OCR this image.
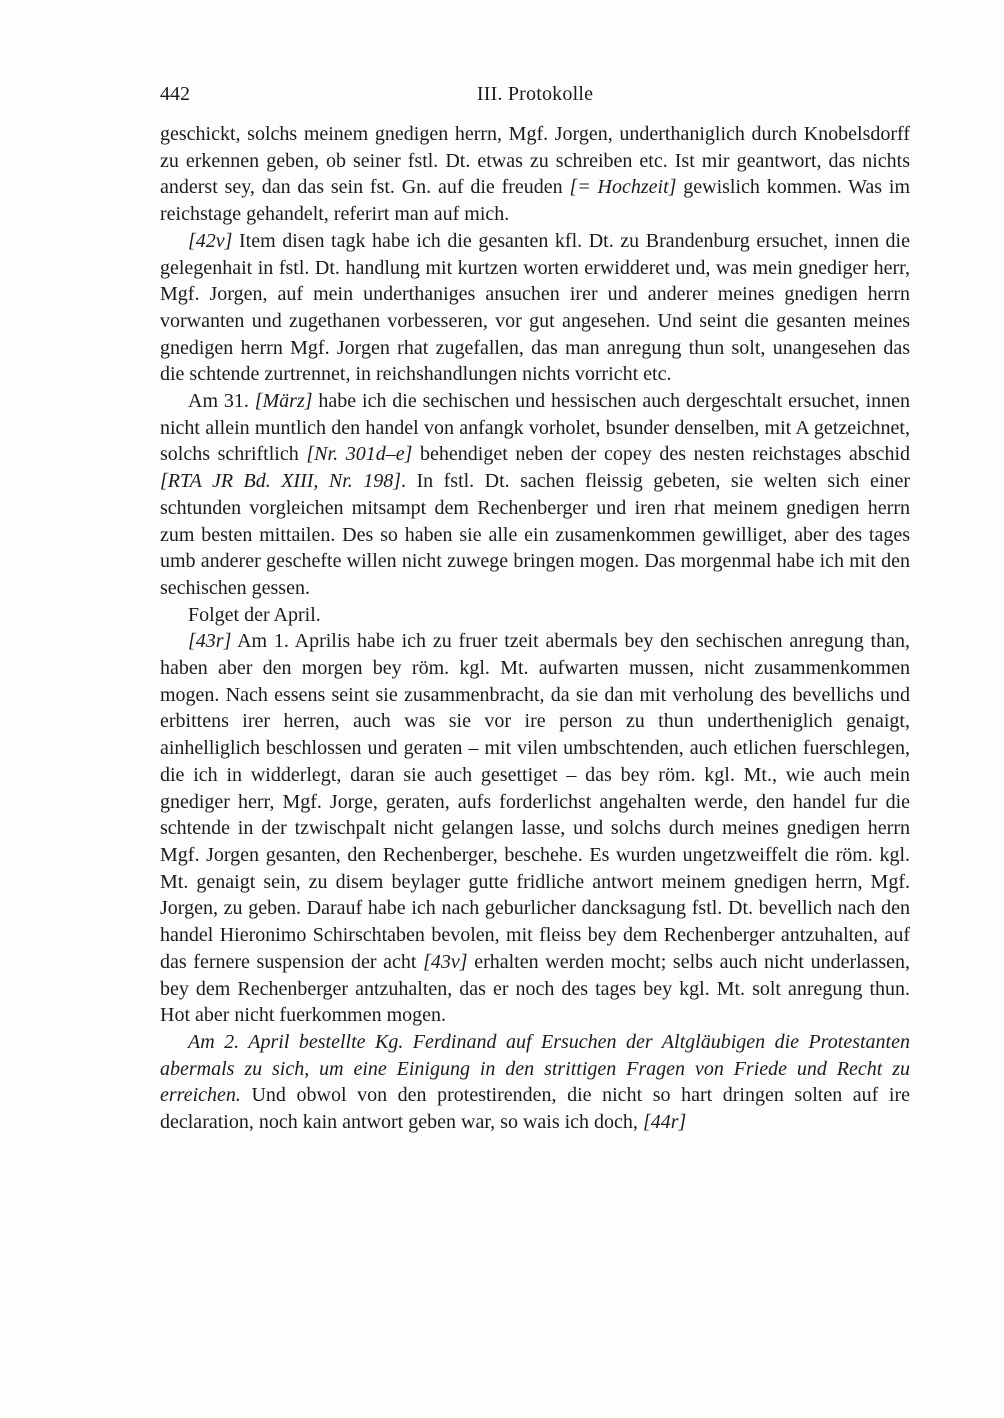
442	III. Protokolle

geschickt, solchs meinem gnedigen herrn, Mgf. Jorgen, underthaniglich durch Knobelsdorff zu erkennen geben, ob seiner fstl. Dt. etwas zu schreiben etc. Ist mir geantwort, das nichts anderst sey, dan das sein fst. Gn. auf die freuden [= Hochzeit] gewislich kommen. Was im reichstage gehandelt, referirt man auf mich.

[42v] Item disen tagk habe ich die gesanten kfl. Dt. zu Brandenburg ersuchet, innen die gelegenhait in fstl. Dt. handlung mit kurtzen worten erwidderet und, was mein gnediger herr, Mgf. Jorgen, auf mein underthaniges ansuchen irer und anderer meines gnedigen herrn vorwanten und zugethanen vorbesseren, vor gut angesehen. Und seint die gesanten meines gnedigen herrn Mgf. Jorgen rhat zugefallen, das man anregung thun solt, unangesehen das die schtende zurtrennet, in reichshandlungen nichts vorricht etc.

Am 31. [März] habe ich die sechischen und hessischen auch dergeschtalt ersuchet, innen nicht allein muntlich den handel von anfangk vorholet, bsunder denselben, mit A getzeichnet, solchs schriftlich [Nr. 301d–e] behendiget neben der copey des nesten reichstages abschid [RTA JR Bd. XIII, Nr. 198]. In fstl. Dt. sachen fleissig gebeten, sie welten sich einer schtunden vorgleichen mitsampt dem Rechenberger und iren rhat meinem gnedigen herrn zum besten mittailen. Des so haben sie alle ein zusamenkommen gewilliget, aber des tages umb anderer geschefte willen nicht zuwege bringen mogen. Das morgenmal habe ich mit den sechischen gessen.

Folget der April.

[43r] Am 1. Aprilis habe ich zu fruer tzeit abermals bey den sechischen anregung than, haben aber den morgen bey röm. kgl. Mt. aufwarten mussen, nicht zusammenkommen mogen. Nach essens seint sie zusammenbracht, da sie dan mit verholung des bevellichs und erbittens irer herren, auch was sie vor ire person zu thun undertheniglich genaigt, ainhelliglich beschlossen und geraten – mit vilen umbschtenden, auch etlichen fuerschlegen, die ich in widderlegt, daran sie auch gesettiget – das bey röm. kgl. Mt., wie auch mein gnediger herr, Mgf. Jorge, geraten, aufs forderlichst angehalten werde, den handel fur die schtende in der tzwischpalt nicht gelangen lasse, und solchs durch meines gnedigen herrn Mgf. Jorgen gesanten, den Rechenberger, beschehe. Es wurden ungetzweiffelt die röm. kgl. Mt. genaigt sein, zu disem beylager gutte fridliche antwort meinem gnedigen herrn, Mgf. Jorgen, zu geben. Darauf habe ich nach geburlicher dancksagung fstl. Dt. bevellich nach den handel Hieronimo Schirschtaben bevolen, mit fleiss bey dem Rechenberger antzuhalten, auf das fernere suspension der acht [43v] erhalten werden mocht; selbs auch nicht underlassen, bey dem Rechenberger antzuhalten, das er noch des tages bey kgl. Mt. solt anregung thun. Hot aber nicht fuerkommen mogen.

Am 2. April bestellte Kg. Ferdinand auf Ersuchen der Altgläubigen die Protestanten abermals zu sich, um eine Einigung in den strittigen Fragen von Friede und Recht zu erreichen. Und obwol von den protestirenden, die nicht so hart dringen solten auf ire declaration, noch kain antwort geben war, so wais ich doch, [44r]
